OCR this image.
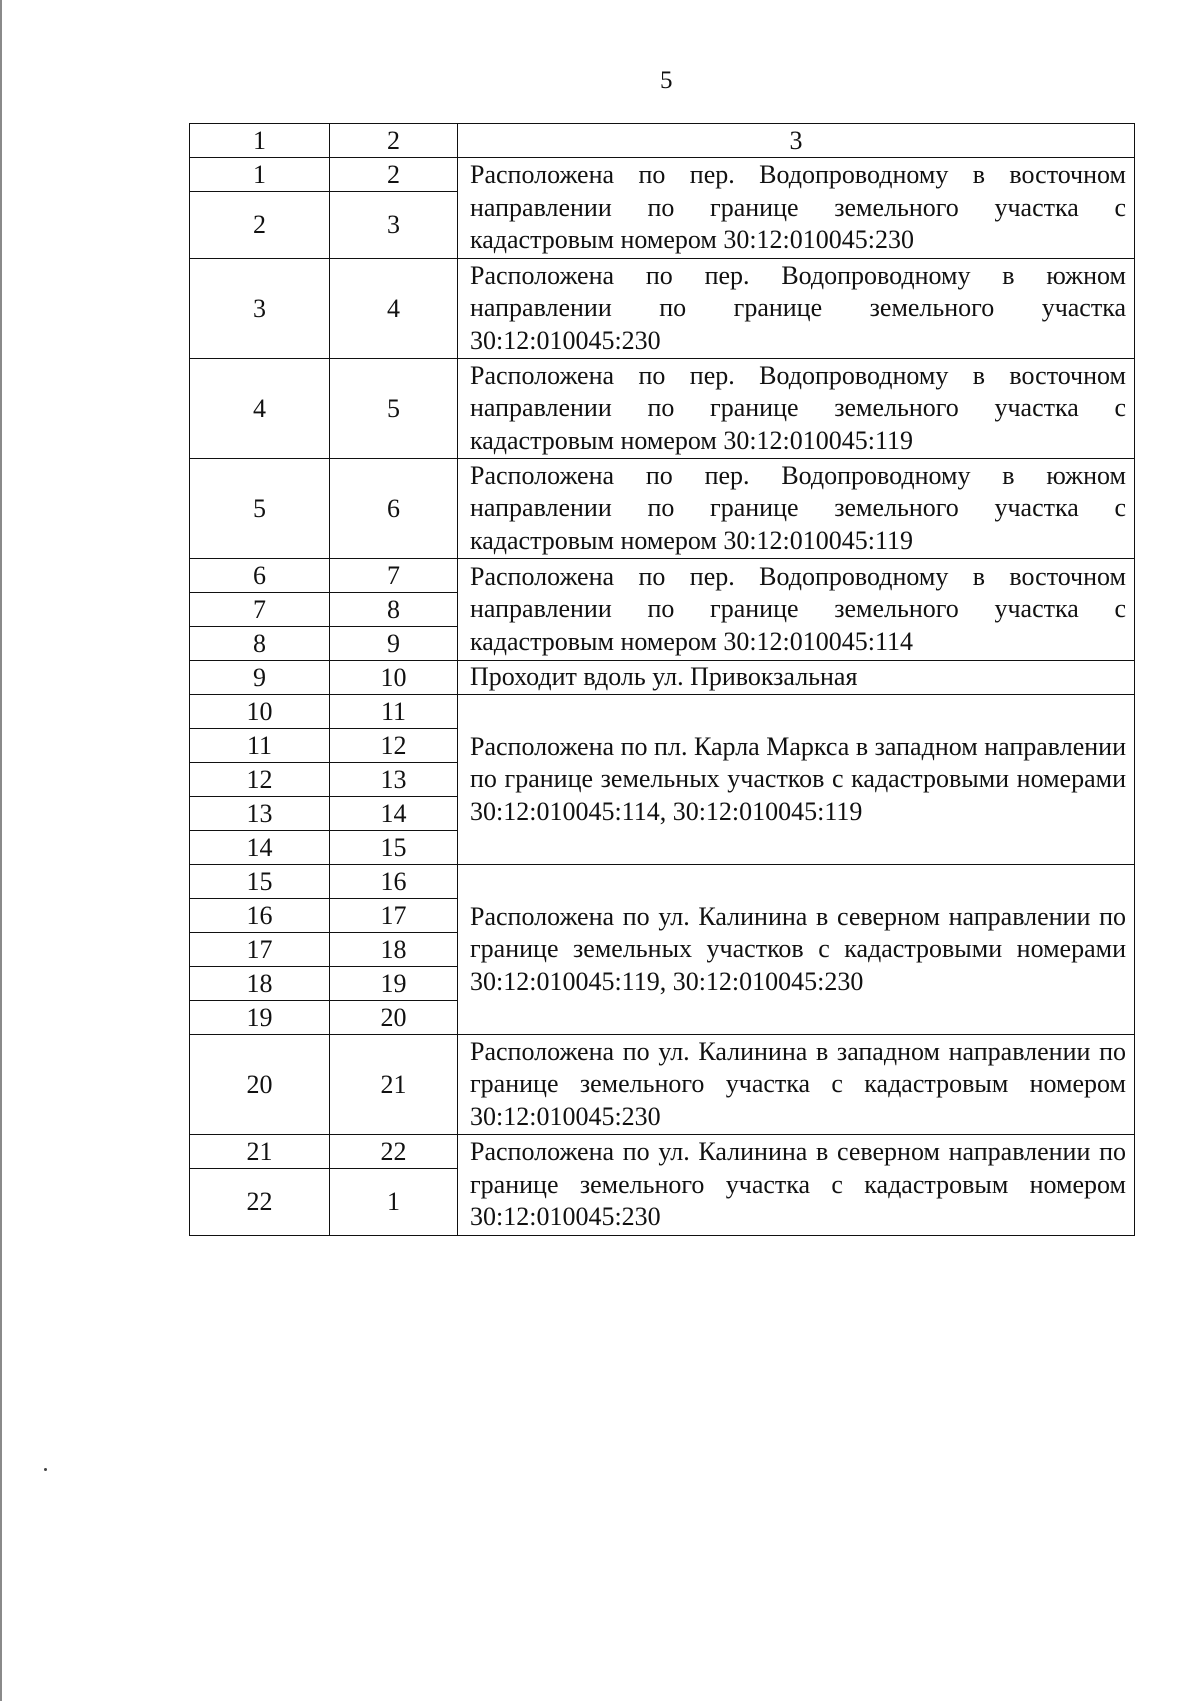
5
1	2	3
1	2	Расположена по пер. Водопроводному в восточном направлении по границе земельного участка с кадастровым номером 30:12:010045:230
2	3	
3	4	Расположена по пер. Водопроводному в южном направлении по границе земельного участка 30:12:010045:230
4	5	Расположена по пер. Водопроводному в восточном направлении по границе земельного участка с кадастровым номером 30:12:010045:119
5	6	Расположена по пер. Водопроводному в южном направлении по границе земельного участка с кадастровым номером 30:12:010045:119
6	7	Расположена по пер. Водопроводному в восточном направлении по границе земельного участка с кадастровым номером 30:12:010045:114
7	8	
8	9	
9	10	Проходит вдоль ул. Привокзальная
10	11	Расположена по пл. Карла Маркса в западном направлении по границе земельных участков с кадастровыми номерами 30:12:010045:114, 30:12:010045:119
11	12	
12	13	
13	14	
14	15	
15	16	Расположена по ул. Калинина в северном направлении по границе земельных участков с кадастровыми номерами 30:12:010045:119, 30:12:010045:230
16	17	
17	18	
18	19	
19	20	
20	21	Расположена по ул. Калинина в западном направлении по границе земельного участка с кадастровым номером 30:12:010045:230
21	22	Расположена по ул. Калинина в северном направлении по границе земельного участка с кадастровым номером 30:12:010045:230
22	1	
